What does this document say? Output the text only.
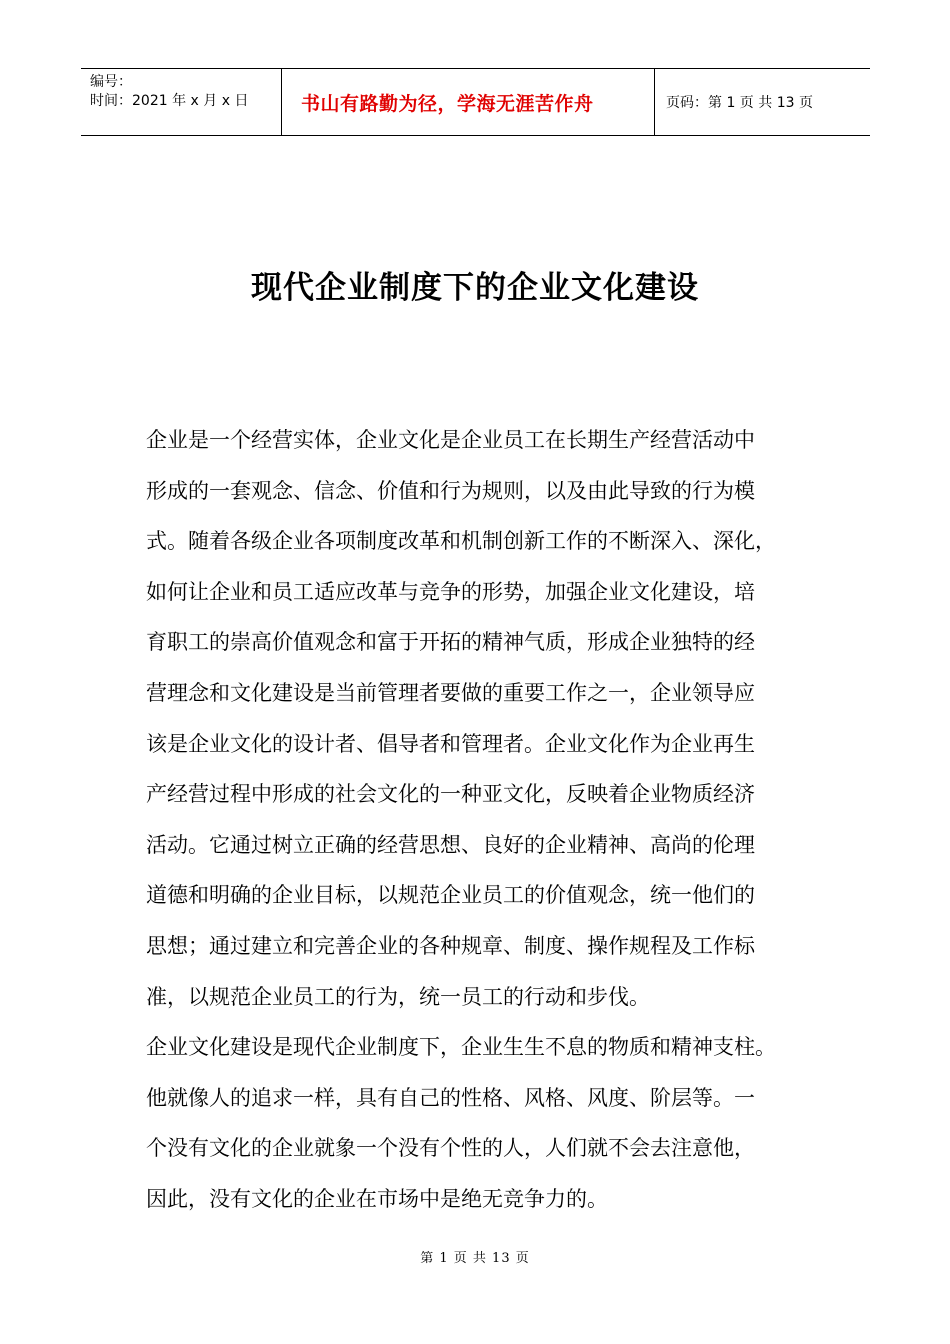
编号：
时间：2021 年 x 月 x 日	书山有路勤为径，学海无涯苦作舟	页码：第 1 页 共 13 页
现代企业制度下的企业文化建设
企业是一个经营实体，企业文化是企业员工在长期生产经营活动中
形成的一套观念、信念、价值和行为规则，以及由此导致的行为模
式。随着各级企业各项制度改革和机制创新工作的不断深入、深化，
如何让企业和员工适应改革与竞争的形势，加强企业文化建设，培
育职工的崇高价值观念和富于开拓的精神气质，形成企业独特的经
营理念和文化建设是当前管理者要做的重要工作之一，企业领导应
该是企业文化的设计者、倡导者和管理者。企业文化作为企业再生
产经营过程中形成的社会文化的一种亚文化，反映着企业物质经济
活动。它通过树立正确的经营思想、良好的企业精神、高尚的伦理
道德和明确的企业目标，以规范企业员工的价值观念，统一他们的
思想；通过建立和完善企业的各种规章、制度、操作规程及工作标
准，以规范企业员工的行为，统一员工的行动和步伐。
企业文化建设是现代企业制度下，企业生生不息的物质和精神支柱。
他就像人的追求一样，具有自己的性格、风格、风度、阶层等。一
个没有文化的企业就象一个没有个性的人，人们就不会去注意他，
因此，没有文化的企业在市场中是绝无竞争力的。
第 1 页 共 13 页
